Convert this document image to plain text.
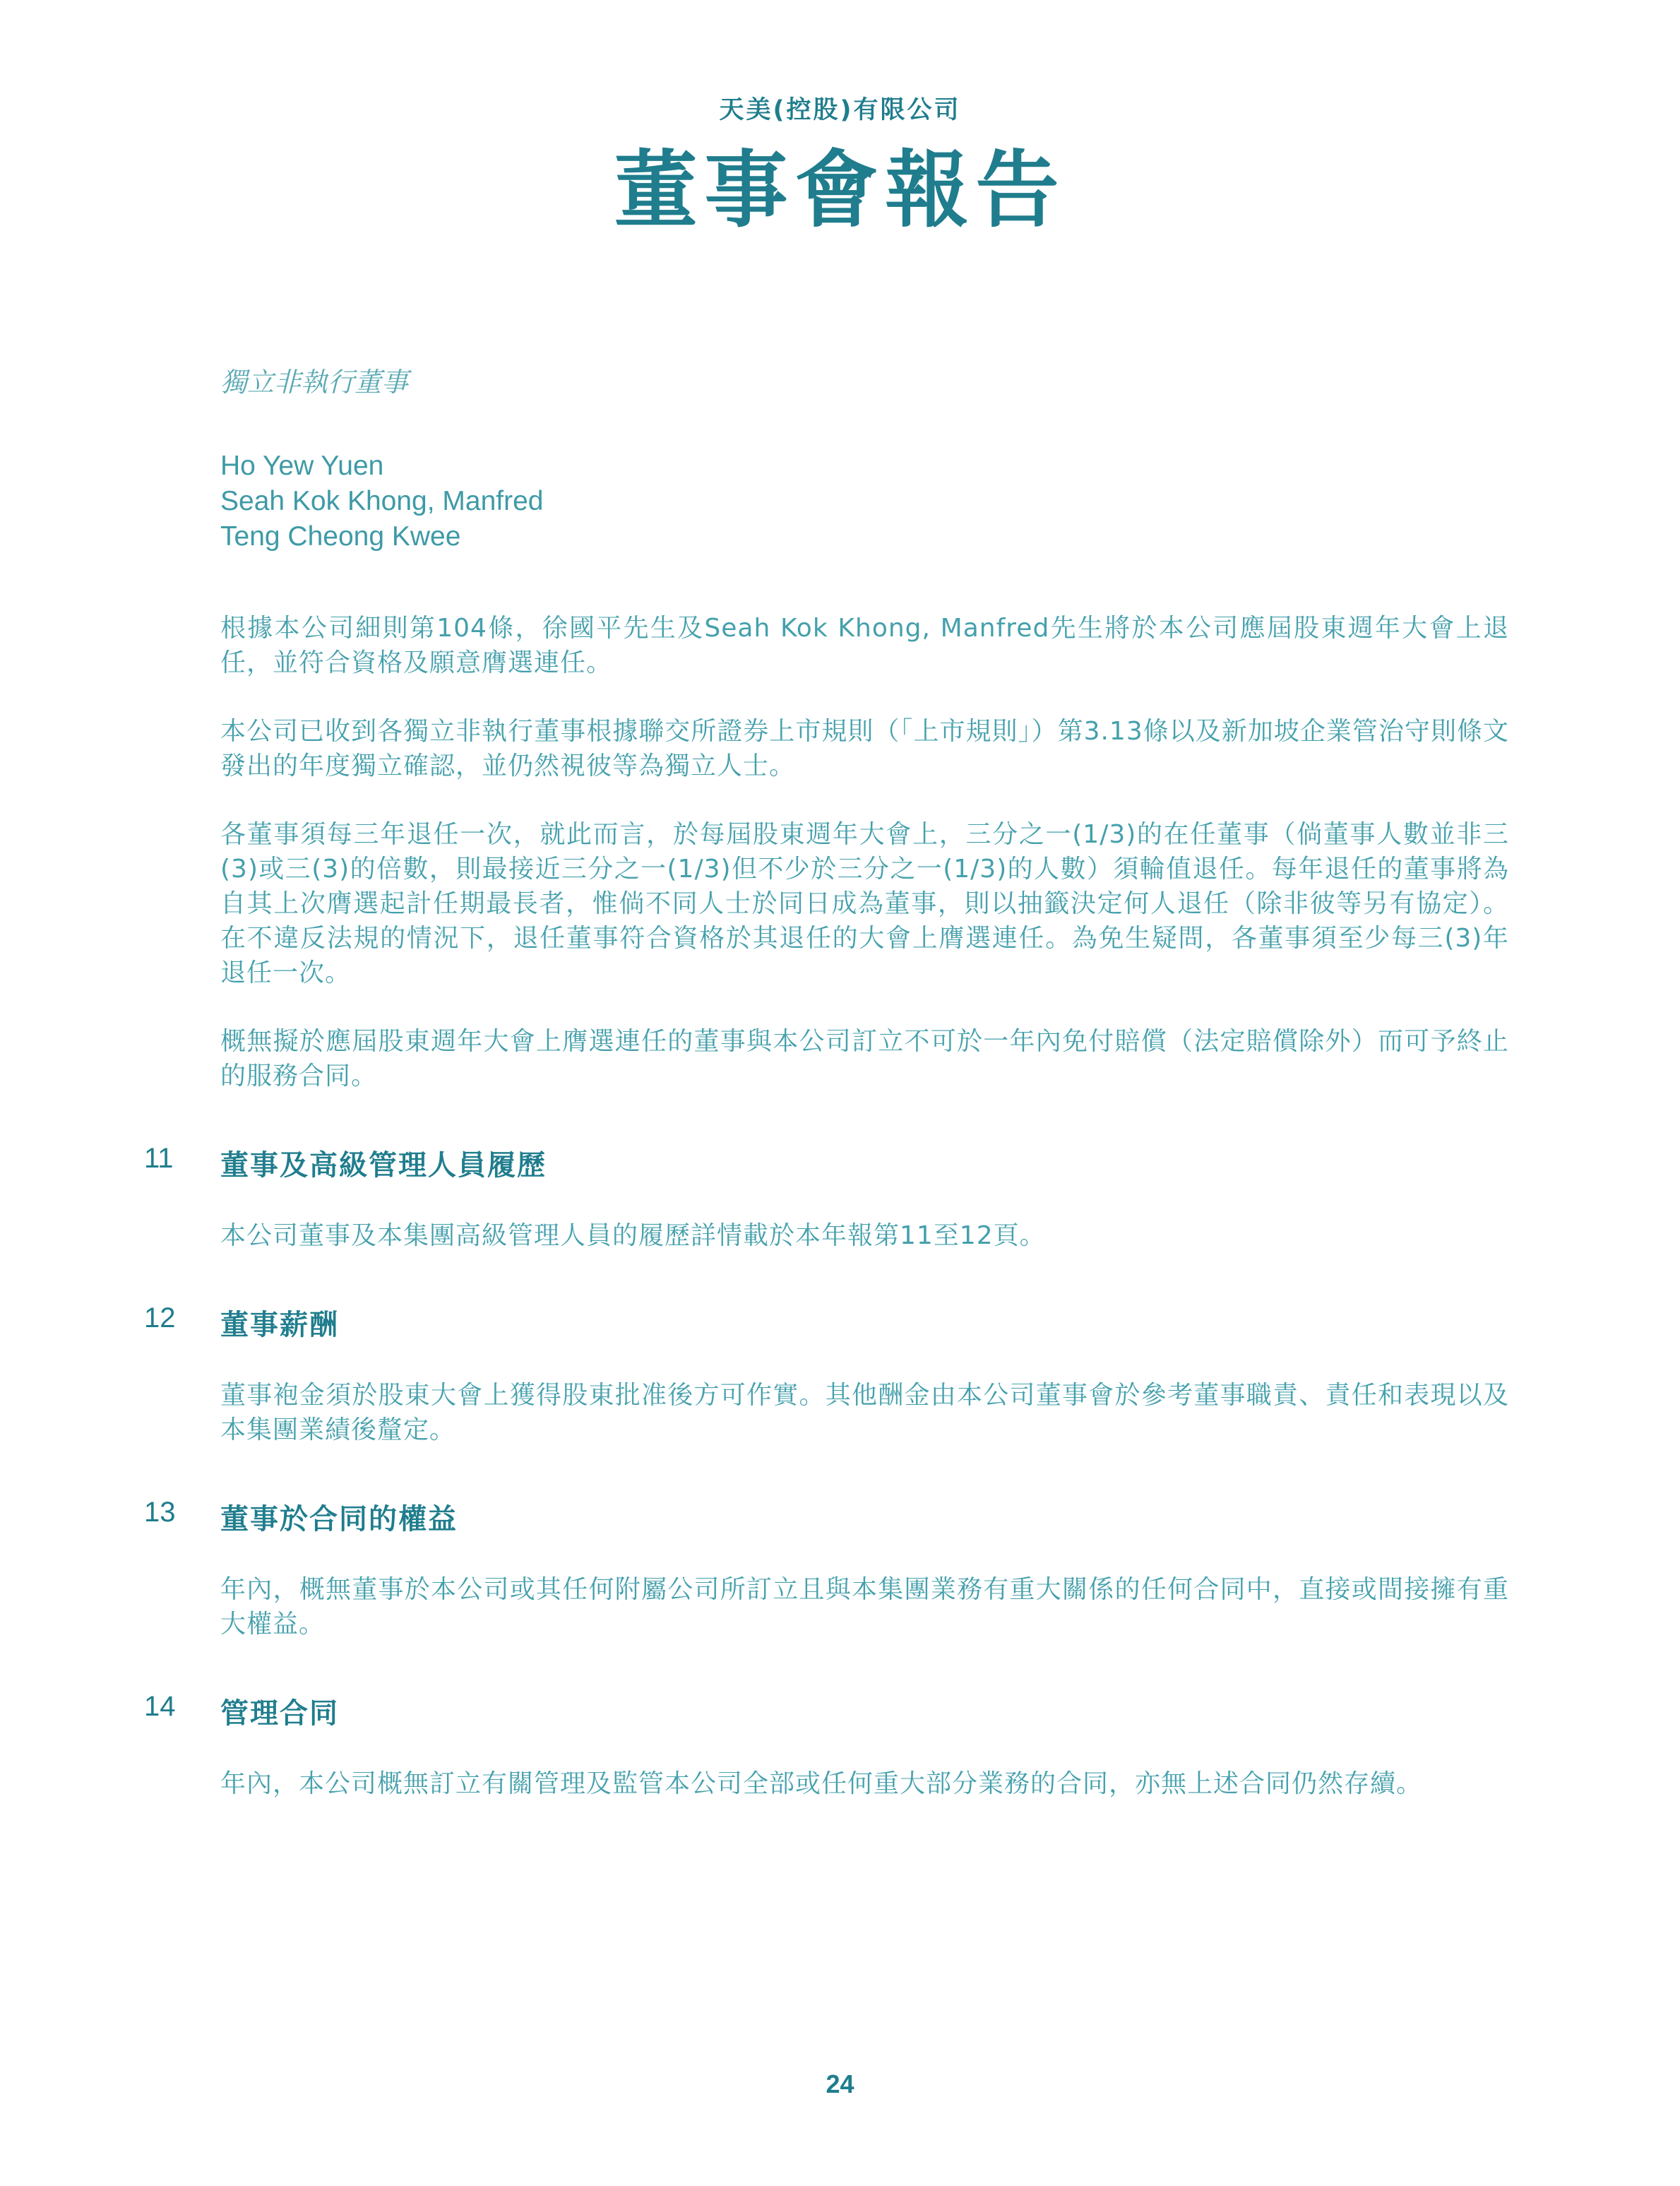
天美(控股)有限公司
董事會報告
獨立非執行董事
Ho Yew Yuen
Seah Kok Khong, Manfred
Teng Cheong Kwee

根據本公司細則第104條，徐國平先生及Seah Kok Khong, Manfred先生將於本公司應屆股東週年大會上退任，並符合資格及願意膺選連任。

本公司已收到各獨立非執行董事根據聯交所證券上市規則（「上市規則」）第3.13條以及新加坡企業管治守則條文發出的年度獨立確認，並仍然視彼等為獨立人士。

各董事須每三年退任一次，就此而言，於每屆股東週年大會上，三分之一(1/3)的在任董事（倘董事人數並非三(3)或三(3)的倍數，則最接近三分之一(1/3)但不少於三分之一(1/3)的人數）須輪值退任。每年退任的董事將為自其上次膺選起計任期最長者，惟倘不同人士於同日成為董事，則以抽籤決定何人退任（除非彼等另有協定）。在不違反法規的情況下，退任董事符合資格於其退任的大會上膺選連任。為免生疑問，各董事須至少每三(3)年退任一次。

概無擬於應屆股東週年大會上膺選連任的董事與本公司訂立不可於一年內免付賠償（法定賠償除外）而可予終止的服務合同。

11 董事及高級管理人員履歷

本公司董事及本集團高級管理人員的履歷詳情載於本年報第11至12頁。

12 董事薪酬

董事袍金須於股東大會上獲得股東批准後方可作實。其他酬金由本公司董事會於參考董事職責、責任和表現以及本集團業績後釐定。

13 董事於合同的權益

年內，概無董事於本公司或其任何附屬公司所訂立且與本集團業務有重大關係的任何合同中，直接或間接擁有重大權益。

14 管理合同

年內，本公司概無訂立有關管理及監管本公司全部或任何重大部分業務的合同，亦無上述合同仍然存續。

24
